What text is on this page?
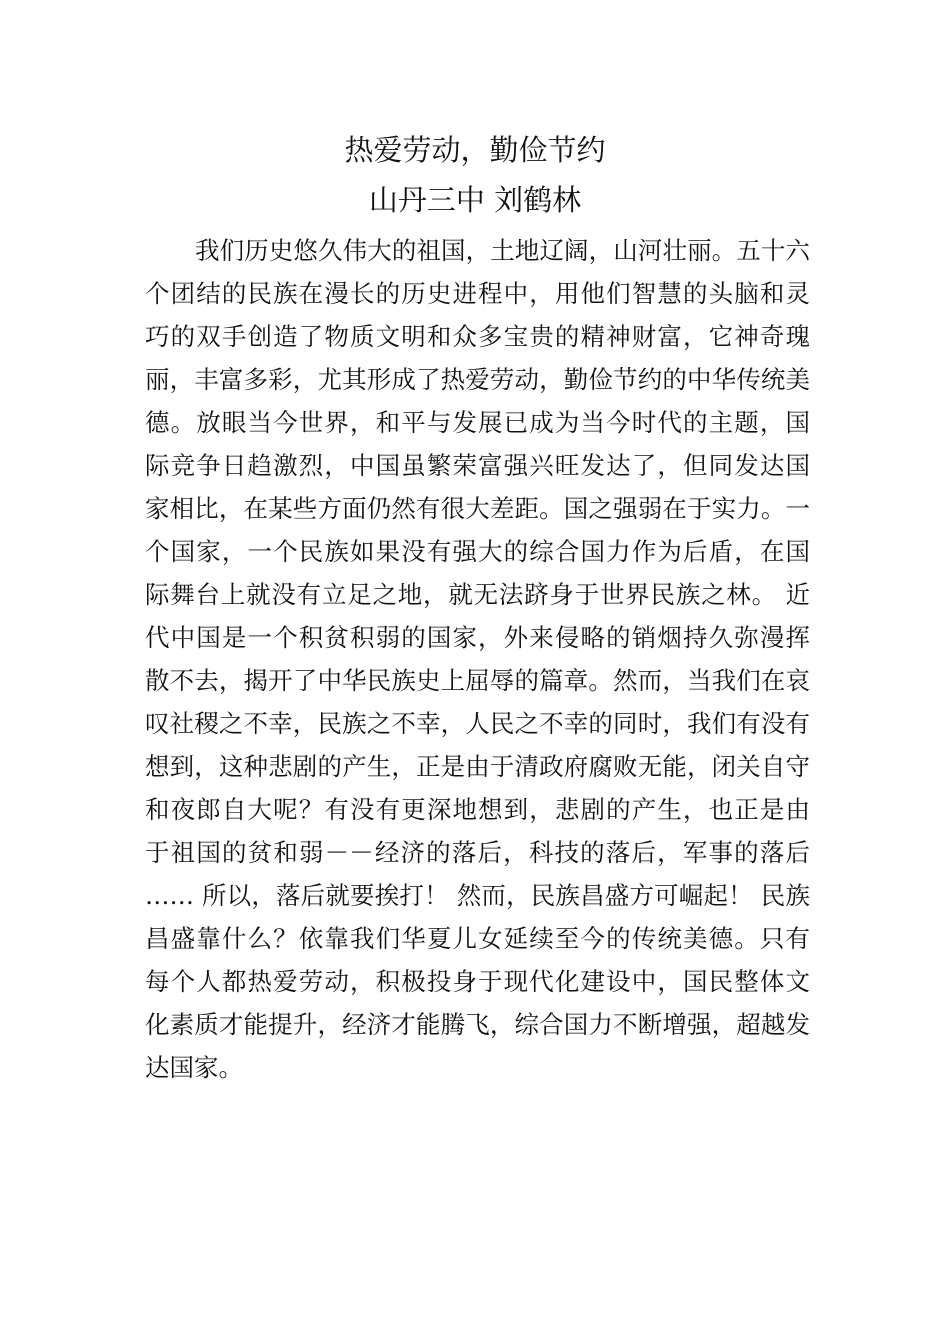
热爱劳动，勤俭节约
山丹三中 刘鹤林
我们历史悠久伟大的祖国，土地辽阔，山河壮丽。五十六
个团结的民族在漫长的历史进程中，用他们智慧的头脑和灵
巧的双手创造了物质文明和众多宝贵的精神财富，它神奇瑰
丽，丰富多彩，尤其形成了热爱劳动，勤俭节约的中华传统美
德。放眼当今世界，和平与发展已成为当今时代的主题，国
际竞争日趋激烈，中国虽繁荣富强兴旺发达了，但同发达国
家相比，在某些方面仍然有很大差距。国之强弱在于实力。一
个国家，一个民族如果没有强大的综合国力作为后盾，在国
际舞台上就没有立足之地，就无法跻身于世界民族之林。 近
代中国是一个积贫积弱的国家，外来侵略的销烟持久弥漫挥
散不去，揭开了中华民族史上屈辱的篇章。然而，当我们在哀
叹社稷之不幸，民族之不幸，人民之不幸的同时，我们有没有
想到，这种悲剧的产生，正是由于清政府腐败无能，闭关自守
和夜郎自大呢？有没有更深地想到，悲剧的产生，也正是由
于祖国的贫和弱－－经济的落后，科技的落后，军事的落后
…… 所以，落后就要挨打！ 然而，民族昌盛方可崛起！ 民族
昌盛靠什么？依靠我们华夏儿女延续至今的传统美德。只有
每个人都热爱劳动，积极投身于现代化建设中，国民整体文
化素质才能提升，经济才能腾飞，综合国力不断增强，超越发
达国家。
